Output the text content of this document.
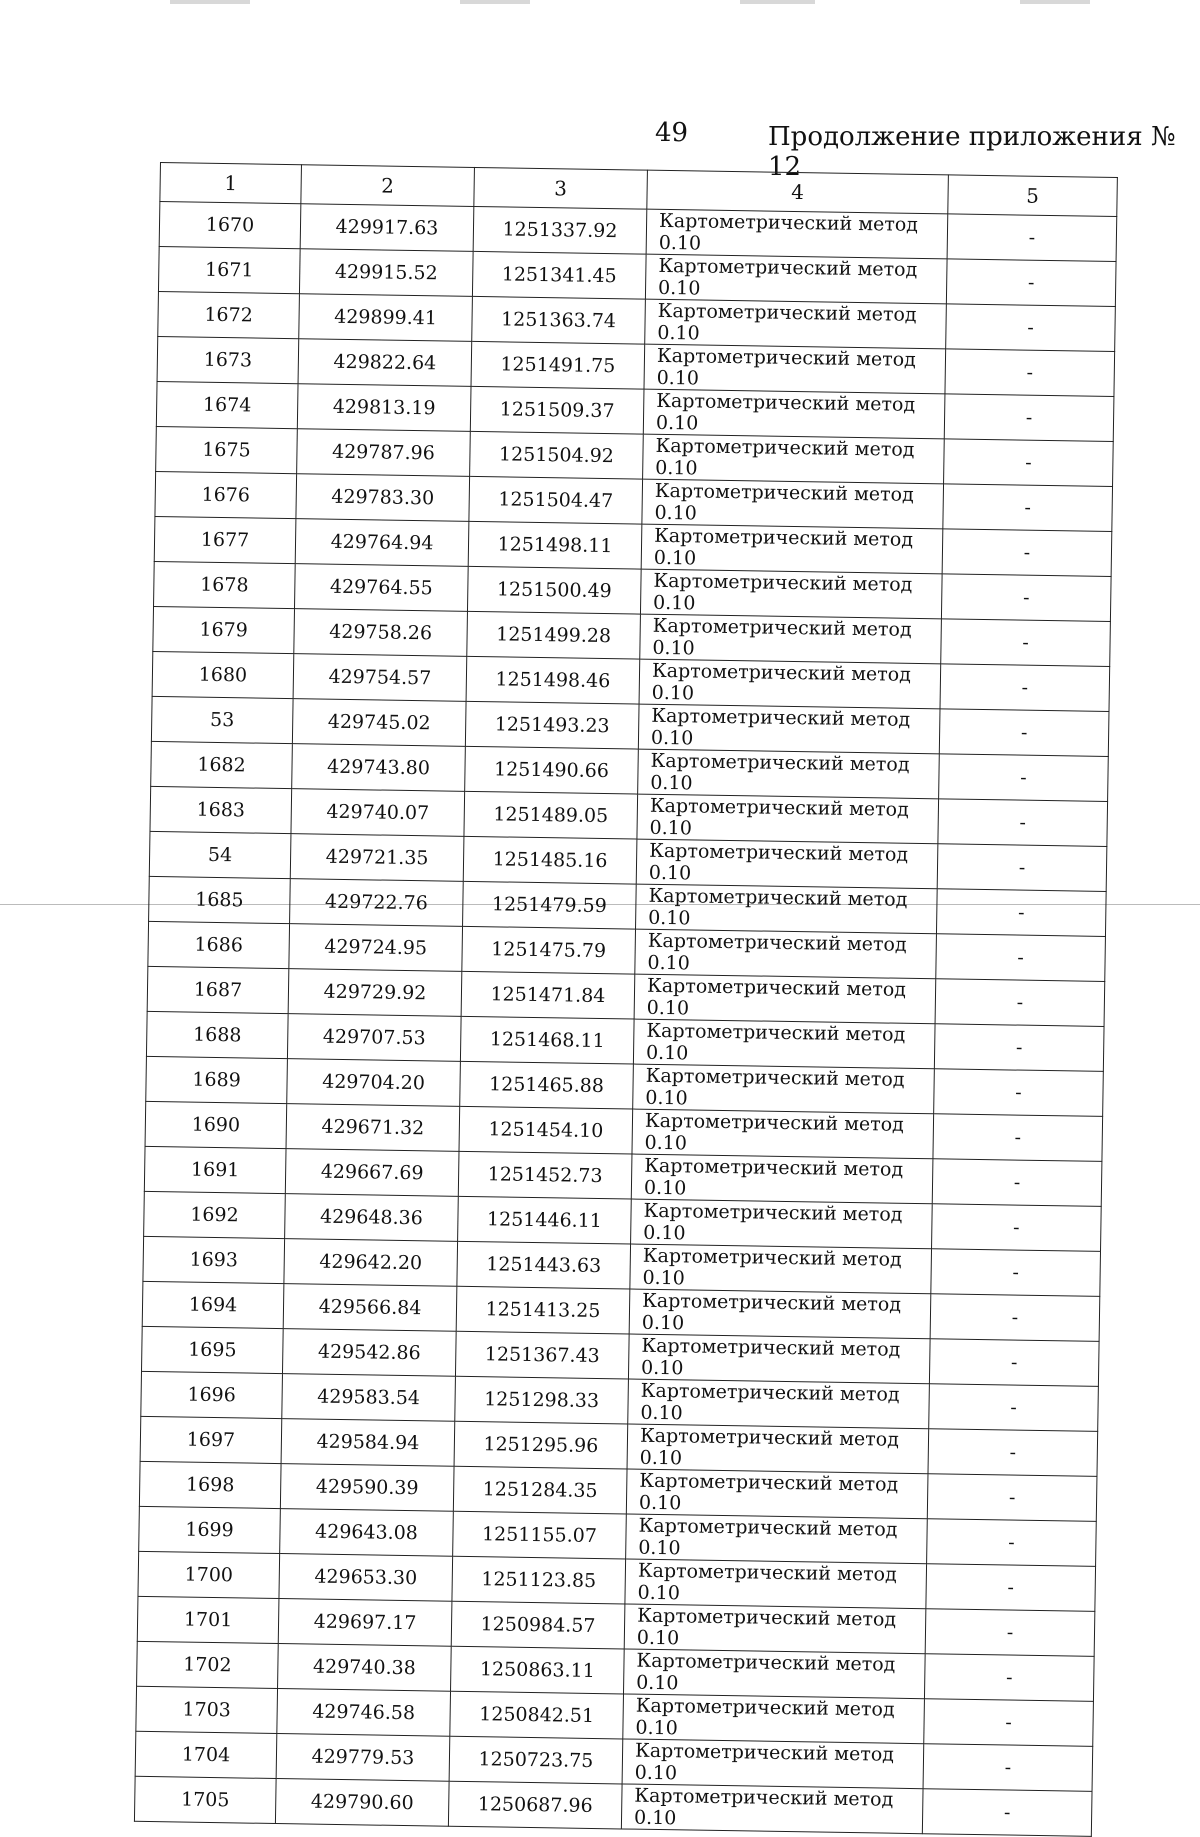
49	Продолжение приложения № 12
1	2	3	4	5
1670	429917.63	1251337.92	Картометрический метод 0.10	-
1671	429915.52	1251341.45	Картометрический метод 0.10	-
1672	429899.41	1251363.74	Картометрический метод 0.10	-
1673	429822.64	1251491.75	Картометрический метод 0.10	-
1674	429813.19	1251509.37	Картометрический метод 0.10	-
1675	429787.96	1251504.92	Картометрический метод 0.10	-
1676	429783.30	1251504.47	Картометрический метод 0.10	-
1677	429764.94	1251498.11	Картометрический метод 0.10	-
1678	429764.55	1251500.49	Картометрический метод 0.10	-
1679	429758.26	1251499.28	Картометрический метод 0.10	-
1680	429754.57	1251498.46	Картометрический метод 0.10	-
53	429745.02	1251493.23	Картометрический метод 0.10	-
1682	429743.80	1251490.66	Картометрический метод 0.10	-
1683	429740.07	1251489.05	Картометрический метод 0.10	-
54	429721.35	1251485.16	Картометрический метод 0.10	-
1685	429722.76	1251479.59	Картометрический метод 0.10	-
1686	429724.95	1251475.79	Картометрический метод 0.10	-
1687	429729.92	1251471.84	Картометрический метод 0.10	-
1688	429707.53	1251468.11	Картометрический метод 0.10	-
1689	429704.20	1251465.88	Картометрический метод 0.10	-
1690	429671.32	1251454.10	Картометрический метод 0.10	-
1691	429667.69	1251452.73	Картометрический метод 0.10	-
1692	429648.36	1251446.11	Картометрический метод 0.10	-
1693	429642.20	1251443.63	Картометрический метод 0.10	-
1694	429566.84	1251413.25	Картометрический метод 0.10	-
1695	429542.86	1251367.43	Картометрический метод 0.10	-
1696	429583.54	1251298.33	Картометрический метод 0.10	-
1697	429584.94	1251295.96	Картометрический метод 0.10	-
1698	429590.39	1251284.35	Картометрический метод 0.10	-
1699	429643.08	1251155.07	Картометрический метод 0.10	-
1700	429653.30	1251123.85	Картометрический метод 0.10	-
1701	429697.17	1250984.57	Картометрический метод 0.10	-
1702	429740.38	1250863.11	Картометрический метод 0.10	-
1703	429746.58	1250842.51	Картометрический метод 0.10	-
1704	429779.53	1250723.75	Картометрический метод 0.10	-
1705	429790.60	1250687.96	Картометрический метод 0.10	-
